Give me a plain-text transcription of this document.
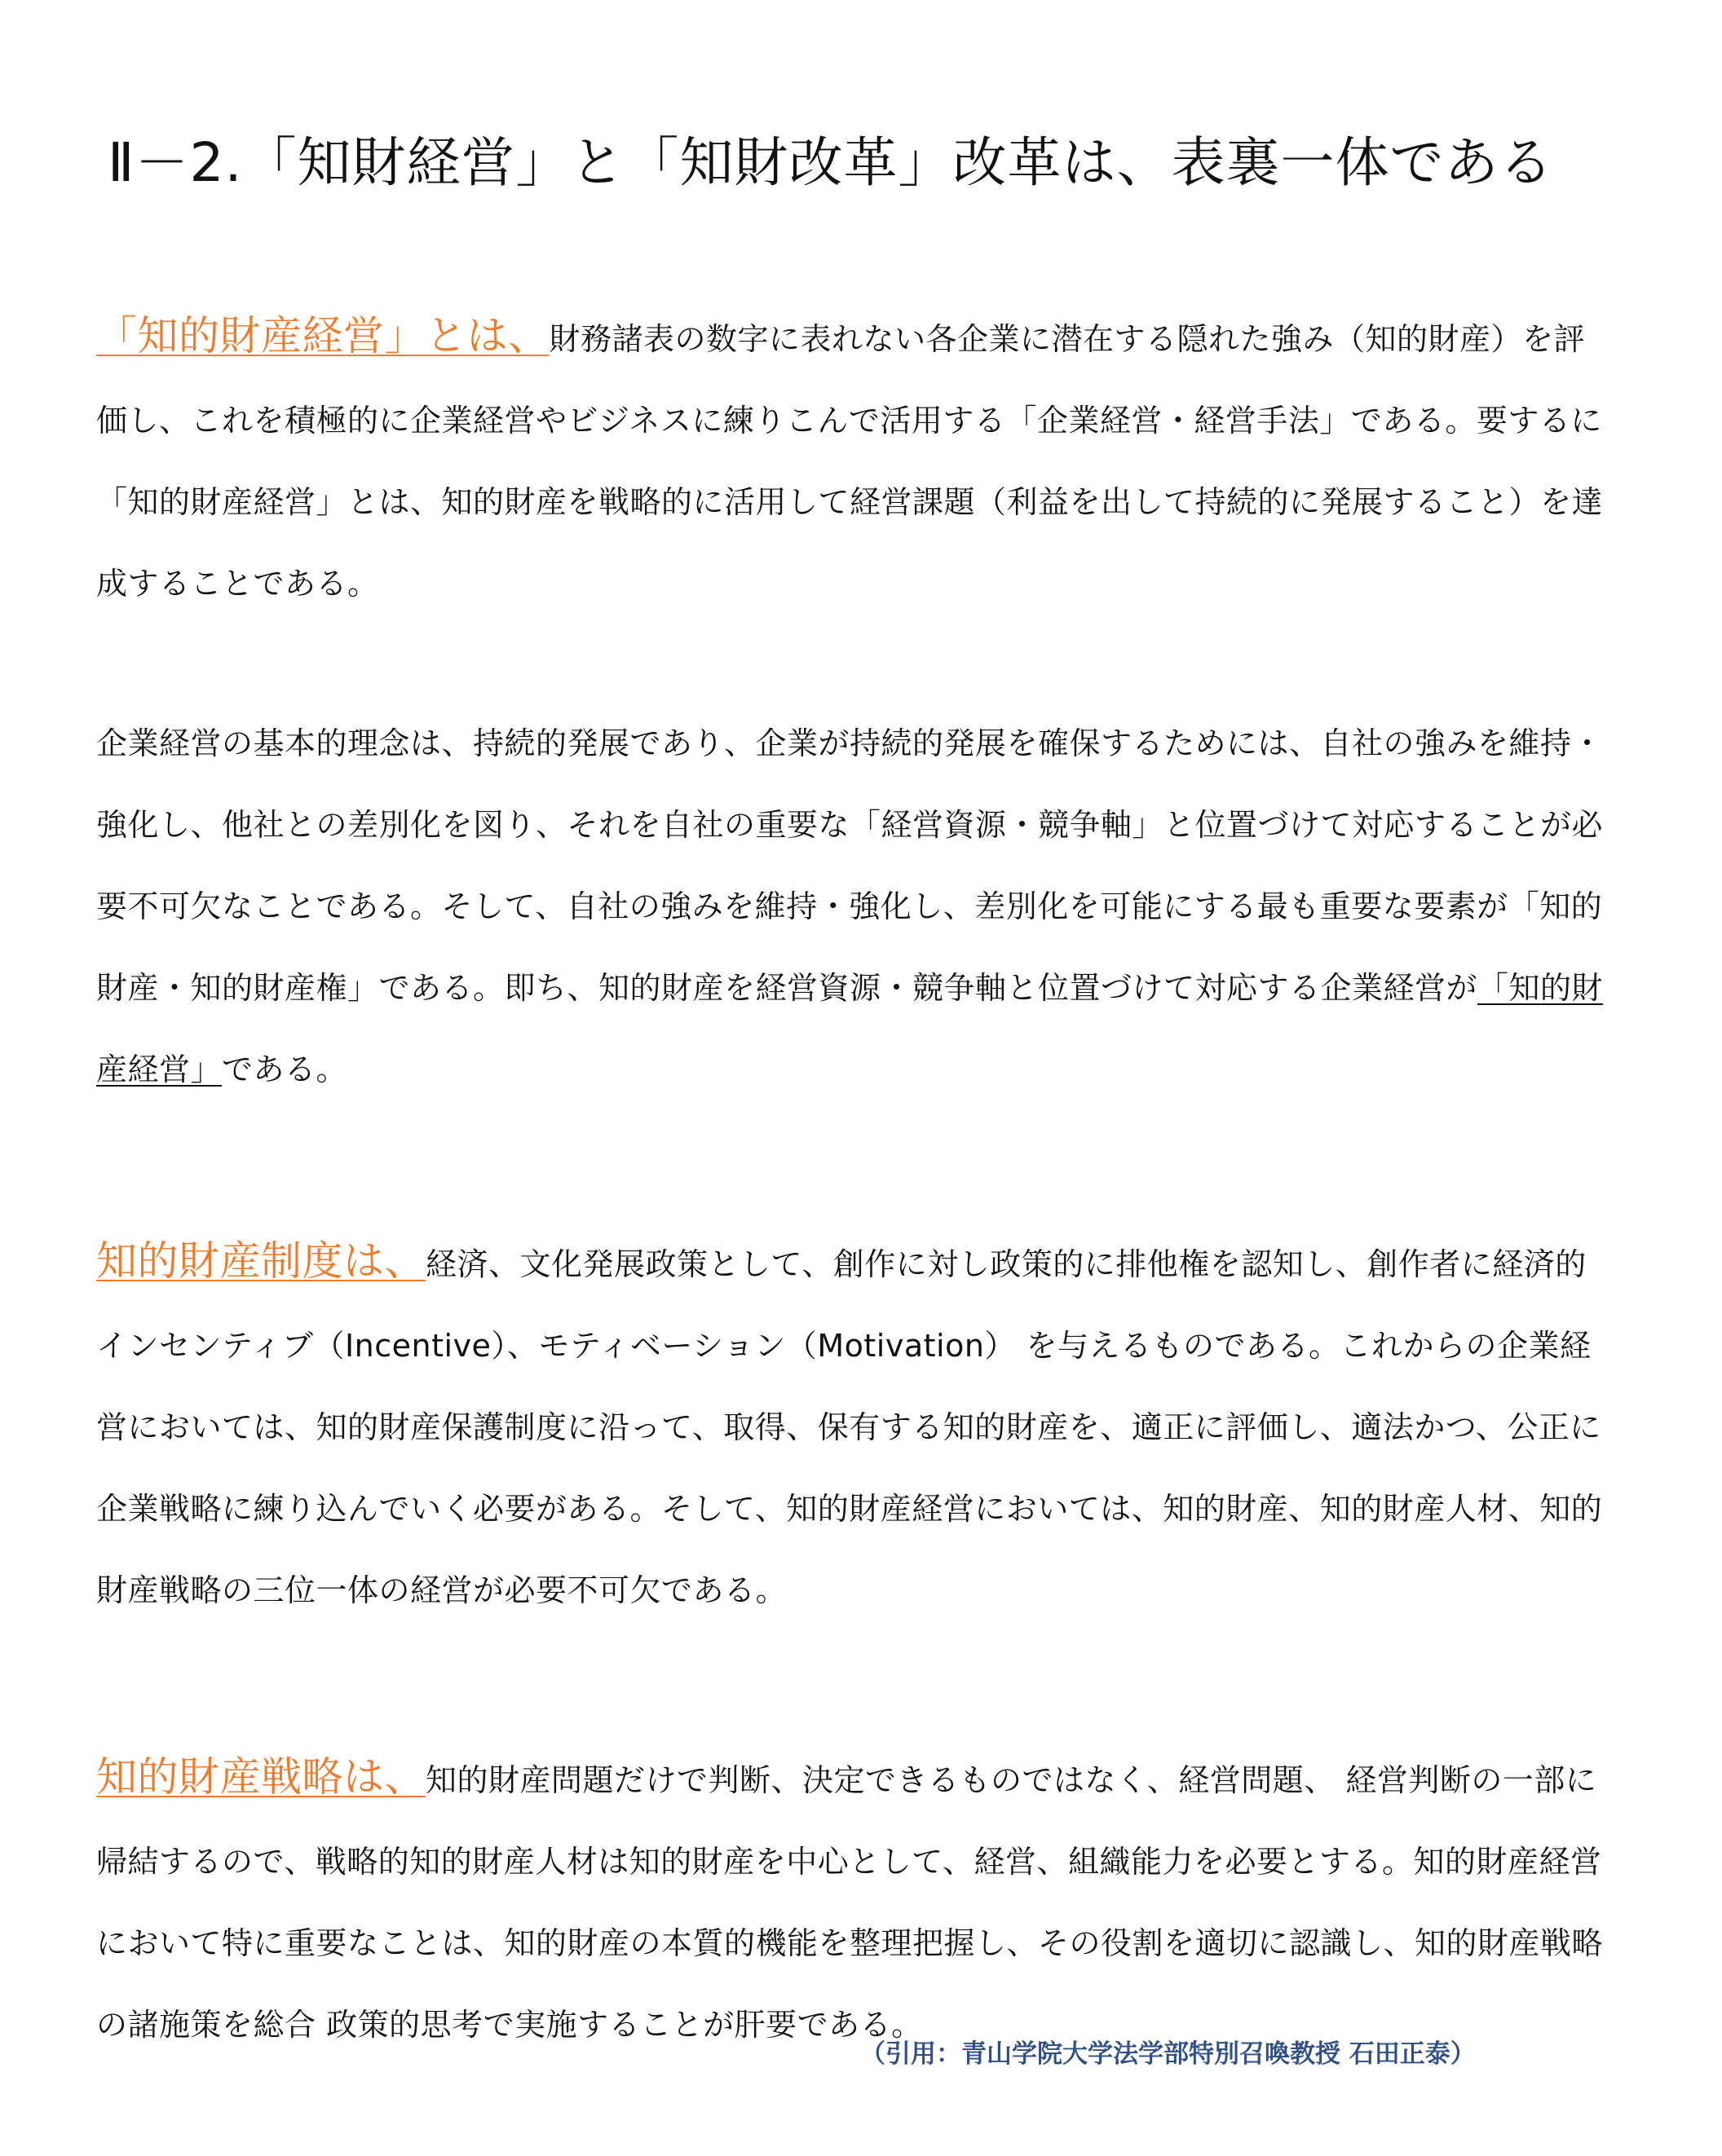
Ⅱ－2.「知財経営」と「知財改革」改革は、表裏一体である

「知的財産経営」とは、財務諸表の数字に表れない各企業に潜在する隠れた強み（知的財産）を評価し、これを積極的に企業経営やビジネスに練りこんで活用する「企業経営・経営手法」である。要するに「知的財産経営」とは、知的財産を戦略的に活用して経営課題（利益を出して持続的に発展すること）を達成することである。

企業経営の基本的理念は、持続的発展であり、企業が持続的発展を確保するためには、自社の強みを維持・強化し、他社との差別化を図り、それを自社の重要な「経営資源・競争軸」と位置づけて対応することが必要不可欠なことである。そして、自社の強みを維持・強化し、差別化を可能にする最も重要な要素が「知的財産・知的財産権」である。即ち、知的財産を経営資源・競争軸と位置づけて対応する企業経営が「知的財産経営」である。

知的財産制度は、経済、文化発展政策として、創作に対し政策的に排他権を認知し、創作者に経済的インセンティブ（Incentive）、モティベーション（Motivation） を与えるものである。これからの企業経営においては、知的財産保護制度に沿って、取得、保有する知的財産を、適正に評価し、適法かつ、公正に企業戦略に練り込んでいく必要がある。そして、知的財産経営においては、知的財産、知的財産人材、知的財産戦略の三位一体の経営が必要不可欠である。

知的財産戦略は、知的財産問題だけで判断、決定できるものではなく、経営問題、 経営判断の一部に帰結するので、戦略的知的財産人材は知的財産を中心として、経営、組織能力を必要とする。知的財産経営において特に重要なことは、知的財産の本質的機能を整理把握し、その役割を適切に認識し、知的財産戦略の諸施策を総合 政策的思考で実施することが肝要である。

（引用：青山学院大学法学部特別召喚教授 石田正泰）
